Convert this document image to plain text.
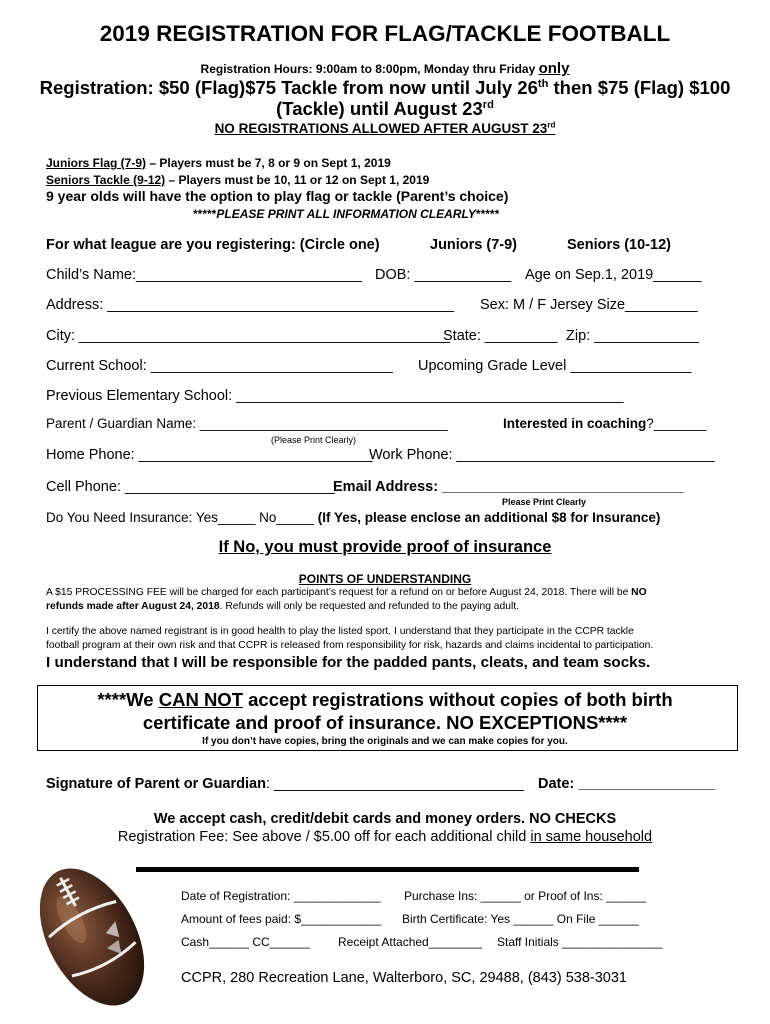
2019 REGISTRATION FOR FLAG/TACKLE FOOTBALL
Registration Hours: 9:00am to 8:00pm, Monday thru Friday only
Registration: $50 (Flag)$75 Tackle from now until July 26th then $75 (Flag) $100
(Tackle) until August 23rd
NO REGISTRATIONS ALLOWED AFTER AUGUST 23rd
Juniors Flag (7-9) – Players must be 7, 8 or 9 on Sept 1, 2019
Seniors Tackle (9-12) – Players must be 10, 11 or 12 on Sept 1, 2019
9 year olds will have the option to play flag or tackle (Parent’s choice)
*****PLEASE PRINT ALL INFORMATION CLEARLY*****
For what league are you registering: (Circle one)	Juniors (7-9)	Seniors (10-12)
Child’s Name:____________________________ DOB: ____________ Age on Sep.1, 2019______
Address: ___________________________________________ Sex: M / F Jersey Size_________
City: ______________________________________________
State: _________ Zip: _____________
Current School: ______________________________ Upcoming Grade Level _______________
Previous Elementary School: ________________________________________________
Parent / Guardian Name: _________________________________	Interested in coaching?_______
(Please Print Clearly)
Home Phone: _____________________________
Work Phone: ________________________________
Cell Phone: __________________________
Email Address: ______________________________
Please Print Clearly
Do You Need Insurance: Yes_____ No_____ (If Yes, please enclose an additional $8 for Insurance)
If No, you must provide proof of insurance
POINTS OF UNDERSTANDING
A $15 PROCESSING FEE will be charged for each participant’s request for a refund on or before August 24, 2018. There will be NO
refunds made after August 24, 2018. Refunds will only be requested and refunded to the paying adult.
I certify the above named registrant is in good health to play the listed sport. I understand that they participate in the CCPR tackle
football program at their own risk and that CCPR is released from responsibility for risk, hazards and claims incidental to participation.
I understand that I will be responsible for the padded pants, cleats, and team socks.
****We CAN NOT accept registrations without copies of both birth
certificate and proof of insurance. NO EXCEPTIONS****
If you don’t have copies, bring the originals and we can make copies for you.
Signature of Parent or Guardian: _______________________________ Date: _________________
We accept cash, credit/debit cards and money orders. NO CHECKS
Registration Fee: See above / $5.00 off for each additional child in same household
Date of Registration: _____________ Purchase Ins: ______ or Proof of Ins: ______
Amount of fees paid: $____________ Birth Certificate: Yes ______ On File ______
Cash______ CC______ Receipt Attached________ Staff Initials _______________
CCPR, 280 Recreation Lane, Walterboro, SC, 29488, (843) 538-3031
